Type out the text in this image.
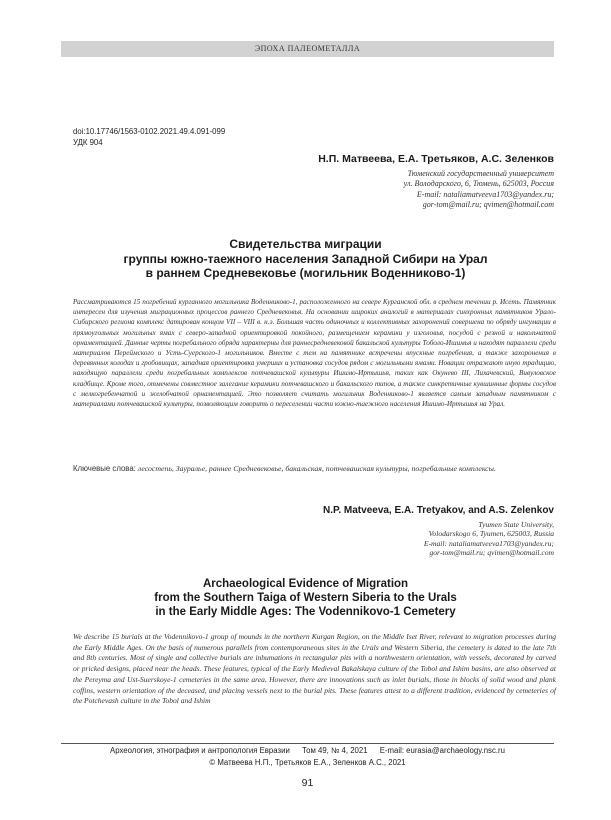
ЭПОХА ПАЛЕОМЕТАЛЛА
doi:10.17746/1563-0102.2021.49.4.091-099
УДК 904
Н.П. Матвеева, Е.А. Третьяков, А.С. Зеленков
Тюменский государственный университет
ул. Володарского, 6, Тюмень, 625003, Россия
E-mail: nataliamatveeva1703@yandex.ru;
gor-tom@mail.ru; qvimen@hotmail.com
Свидетельства миграции
группы южно-таежного населения Западной Сибири на Урал
в раннем Средневековье (могильник Воденниково-1)
Рассматриваются 15 погребений курганного могильника Воденниково-1, расположенного на севере Курганской обл. в среднем течении р. Исеть. Памятник интересен для изучения миграционных процессов раннего Средневековья. На основании широких аналогий в материалах синхронных памятников Урало-Сибирского региона комплекс датирован концом VII – VIII в. н.э. Большая часть одиночных и коллективных захоронений совершена по обряду ингумации в прямоугольных могильных ямах с северо-западной ориентировкой покойного, размещением керамики у изголовья, посудой с резной и накольчатой орнаментацией. Данные черты погребального обряда характерны для раннесредневековой бакальской культуры Тоболо-Ишимья и находят параллели среди материалов Переймского и Усть-Суерского-1 могильников. Вместе с тем на памятнике встречены впускные погребения, а также захоронения в деревянных колодах и гробовищах, западная ориентировка умерших и установка сосудов рядом с могильными ямами. Новации отражают иную традицию, находящую параллели среди погребальных комплексов потчевашской культуры Ишимо-Иртышья, таких как Окунево III, Лихачевский, Вивуловское кладбище. Кроме того, отмечены совместное залегание керамики потчевашского и бакальского типов, а также синкретичные кувшинные формы сосудов с мелкогребенчатой и желобчатой орнаментацией. Это позволяет считать могильник Воденниково-1 является самым западным памятником с материалами потчевашской культуры, позволяющим говорить о переселении части южно-таежного населения Ишимо-Иртышья на Урал.
Ключевые слова: лесостепь, Зауралье, раннее Средневековье, бакальская, потчевашская культуры, погребальные комплексы.
N.P. Matveeva, E.A. Tretyakov, and A.S. Zelenkov
Tyumen State University,
Volodarskogo 6, Tyumen, 625003, Russia
E-mail: nataliamatveeva1703@yandex.ru;
gor-tom@mail.ru; qvimen@hotmail.com
Archaeological Evidence of Migration
from the Southern Taiga of Western Siberia to the Urals
in the Early Middle Ages: The Vodennikovo-1 Cemetery
We describe 15 burials at the Vodennikovo-1 group of mounds in the northern Kurgan Region, on the Middle Iset River, relevant to migration processes during the Early Middle Ages. On the basis of numerous parallels from contemporaneous sites in the Urals and Western Siberia, the cemetery is dated to the late 7th and 8th centuries. Most of single and collective burials are inhumations in rectangular pits with a northwestern orientation, with vessels, decorated by carved or pricked designs, placed near the heads. These features, typical of the Early Medieval Bakalskaya culture of the Tobol and Ishim basins, are also observed at the Pereyma and Ust-Suerskoye-1 cemeteries in the same area. However, there are innovations such as inlet burials, those in blocks of solid wood and plank coffins, western orientation of the deceased, and placing vessels next to the burial pits. These features attest to a different tradition, evidenced by cemeteries of the Potchevash culture in the Tobol and Ishim
Археология, этнография и антропология Евразии Том 49, № 4, 2021 E-mail: eurasia@archaeology.nsc.ru
© Матвеева Н.П., Третьяков Е.А., Зеленков А.С., 2021
91
